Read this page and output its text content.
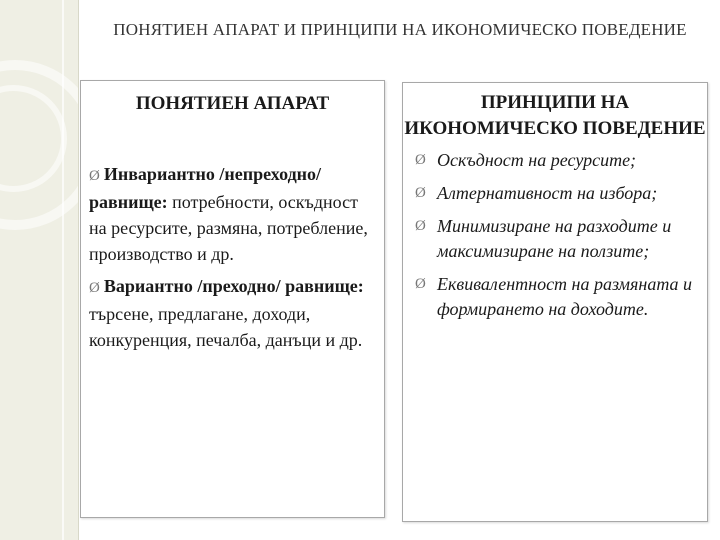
ПОНЯТИЕН АПАРАТ И ПРИНЦИПИ НА ИКОНОМИЧЕСКО ПОВЕДЕНИЕ
ПОНЯТИЕН АПАРАТ
Ø Инвариантно /непреходно/ равнище: потребности, оскъдност на ресурсите, размяна, потребление, производство и др.
Ø Вариантно /преходно/ равнище: търсене, предлагане, доходи, конкуренция, печалба, данъци и др.
ПРИНЦИПИ НА ИКОНОМИЧЕСКО ПОВЕДЕНИЕ
Ø Оскъдност на ресурсите;
Ø Алтернативност на избора;
Ø Минимизиране на разходите и максимизиране на ползите;
Ø Еквивалентност на размяната и формирането на доходите.
